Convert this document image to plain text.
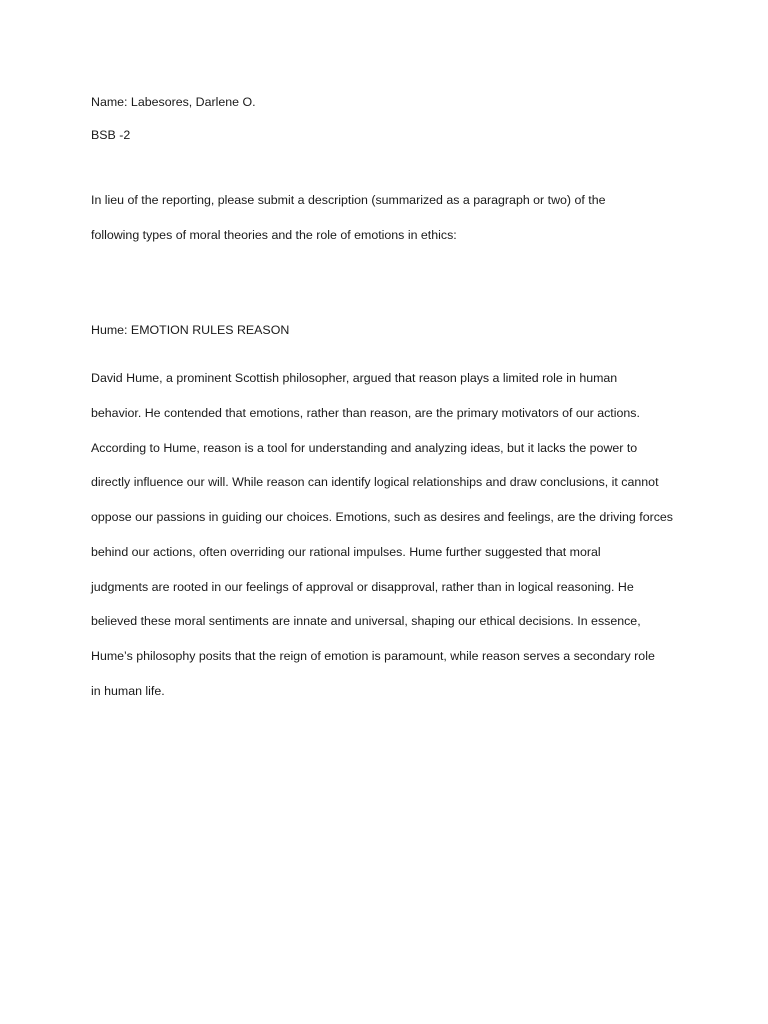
Name: Labesores, Darlene O.
BSB -2
In lieu of the reporting, please submit a description (summarized as a paragraph or two) of the
following types of moral theories and the role of emotions in ethics:
Hume: EMOTION RULES REASON
David Hume, a prominent Scottish philosopher, argued that reason plays a limited role in human
behavior. He contended that emotions, rather than reason, are the primary motivators of our actions.
According to Hume, reason is a tool for understanding and analyzing ideas, but it lacks the power to
directly influence our will. While reason can identify logical relationships and draw conclusions, it cannot
oppose our passions in guiding our choices. Emotions, such as desires and feelings, are the driving forces
behind our actions, often overriding our rational impulses. Hume further suggested that moral
judgments are rooted in our feelings of approval or disapproval, rather than in logical reasoning. He
believed these moral sentiments are innate and universal, shaping our ethical decisions. In essence,
Hume’s philosophy posits that the reign of emotion is paramount, while reason serves a secondary role
in human life.
